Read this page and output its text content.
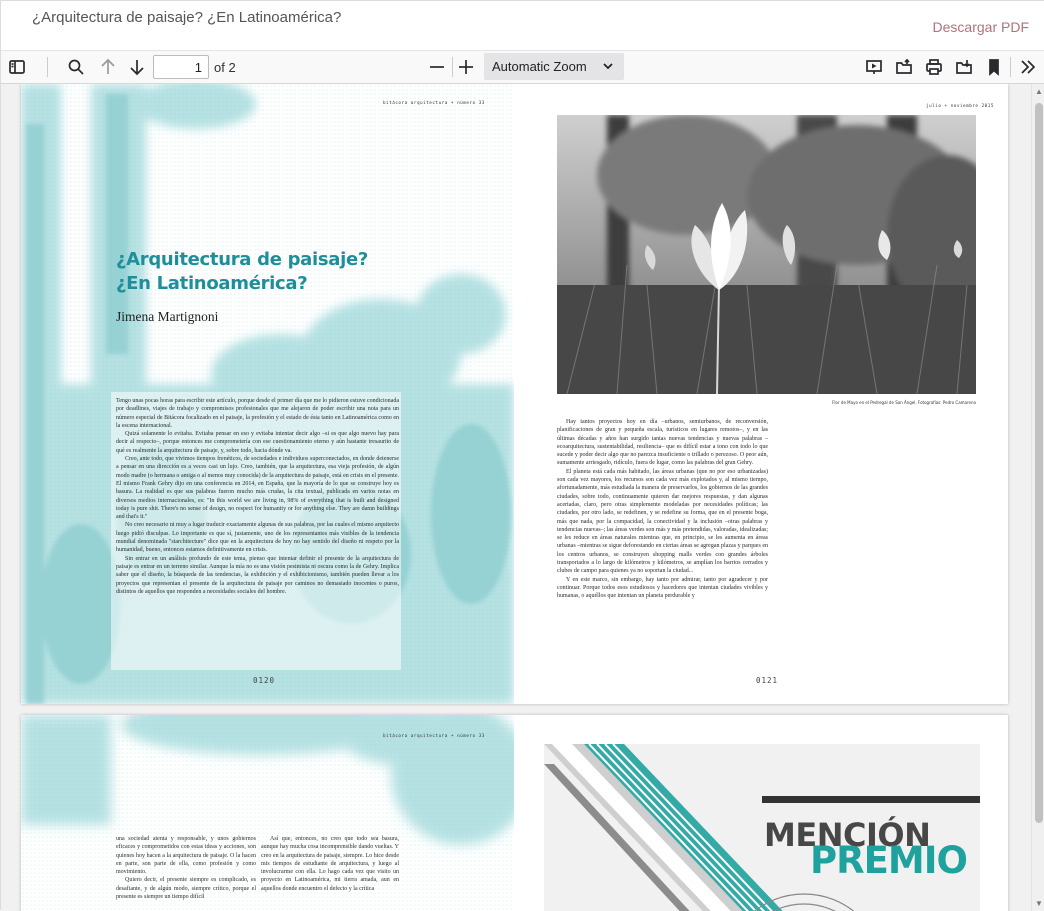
¿Arquitectura de paisaje? ¿En Latinoamérica?
Descargar PDF
1
of 2	Automatic Zoom
bitácora arquitectura + número 33
¿Arquitectura de paisaje?
¿En Latinoamérica?
Jimena Martignoni

Tengo unas pocas horas para escribir este artículo, porque desde el primer día que me lo pidieron estuve condicionada por deadlines, viajes de trabajo y compromisos profesionales que me alejaron de poder escribir una nota para un número especial de Bitácora focalizado en el paisaje, la profesión y el estado de ésta tanto en Latinoamérica como en la escena internacional.

Quizá solamente lo evitaba. Evitaba pensar en eso y evitaba intentar decir algo –si es que algo nuevo hay para decir al respecto–, porque entonces me comprometería con ese cuestionamiento eterno y aún bastante tresaurito de qué es realmente la arquitectura de paisaje, y, sobre todo, hacia dónde va.

Creo, ante todo, que vivimos tiempos frenéticos, de sociedades e individuos superconectados, en donde detenerse a pensar en una dirección es a veces casi un lujo. Creo, también, que la arquitectura, esa vieja profesión, de algún modo madre (o hermana o amiga o al menos muy conocida) de la arquitectura de paisaje, está en crisis en el presente. El mismo Frank Gehry dijo en una conferencia en 2014, en España, que la mayoría de lo que se construye hoy es basura. La realidad es que sus palabras fueron mucho más crudas, la cita textual, publicada en varios notas en diversos medios internacionales, es: "In this world we are living in, 98% of everything that is built and designed today is pure shit. There's no sense of design, no respect for humanity or for anything else. They are damn buildings and that's it."

No creo necesario ni muy a lugar traducir exactamente algunas de sus palabras, por las cuales el mismo arquitecto luego pidió disculpas. Lo importante es que sí, justamente, uno de los representantes más visibles de la tendencia mundial denominada "starchitecture" dice que en la arquitectura de hoy no hay sentido del diseño ni respeto por la humanidad, bueno, entonces estamos definitivamente en crisis.

Sin entrar en un análisis profundo de este tema, pienso que intentar definir el presente de la arquitectura de paisaje es entrar en un terreno similar. Aunque la mía no es una visión pesimista ni oscura como la de Gehry. Implica saber que el diseño, la búsqueda de las tendencias, la exhibición y el exhibicionismo, también pueden llevar a los proyectos que representan el presente de la arquitectura de paisaje por caminos no demasiado inocentes o puros, distintos de aquellos que responden a necesidades sociales del hombre.

0120
julio + noviembre 2015
Flor de Mayo en el Pedregal de San Ángel. Fotografías: Pedro Camarena

Hay tantos proyectos hoy en día –urbanos, semiurbanos, de reconversión, planificaciones de gran y pequeña escala, turísticos en lugares remotos–, y en las últimas décadas y años han surgido tantas nuevas tendencias y nuevas palabras –ecoarquitectura, sustentabilidad, resiliencia– que es difícil estar a tono con todo lo que sucede y poder decir algo que no parezca insuficiente o trillado o perezoso. O peor aún, sumamente arriesgado, ridículo, fuera de lugar, como las palabras del gran Gehry.

El planeta está cada más habitado, las áreas urbanas (que no por eso urbanizadas) son cada vez mayores, los recursos son cada vez más explotados y, al mismo tiempo, afortunadamente, más estudiada la manera de preservarlos, los gobiernos de las grandes ciudades, sobre todo, continuamente quieren dar mejores respuestas, y dan algunas acertadas, claro, pero otras simplemente modeladas por necesidades políticas; las ciudades, por otro lado, se redefinen, y se redefine su forma, que en el presente boga, más que nada, por la compacidad, la conectividad y la inclusión –otras palabras y tendencias nuevas–; las áreas verdes son más y más pretendidas, valoradas, idealizadas; se les reduce en áreas naturales mientras que, en principio, se les aumenta en áreas urbanas –mientras se sigue deforestando en ciertas áreas se agregan plazas y parques en los centros urbanos, se consiruyen shopping malls verdes con grandes árboles transportados a lo largo de kilómetros y kilómetros, se amplían los barrios cerrados y clubes de campo para quienes ya no soportan la ciudad...

Y en este marco, sin embargo, hay tanto por admirar, tanto por agradecer y por continuar. Porque todos esos estudiosos y hacedores que intentan ciudades vivibles y humanas, o aquéllos que intentan un planeta perdurable y

0121
bitácora arquitectura + número 33

una sociedad atenta y responsable, y unos gobiernos eficaces y comprometidos con estas ideas y acciones, son quienes hoy hacen a la arquitectura de paisaje. O la hacen en parte, son parte de ella, como profesión y como movimiento.

Quiero decir, el presente siempre es complicado, es desafiante, y de algún modo, siempre crítico, porque el presente es siempre un tiempo difícil

Así que, entonces, no creo que todo sea basura, aunque hay mucha cosa incomprensible dando vueltas. Y creo en la arquitectura de paisaje, siempre. Lo hice desde mis tiempos de estudiante de arquitectura, y luego al involucrarme con ella. Lo hago cada vez que visito un proyecto en Latinoamérica, mi tierra amada, aun en aquellos donde encuentro el defecto y la crítica

MENCIÓN
PREMIO
▲
▼
